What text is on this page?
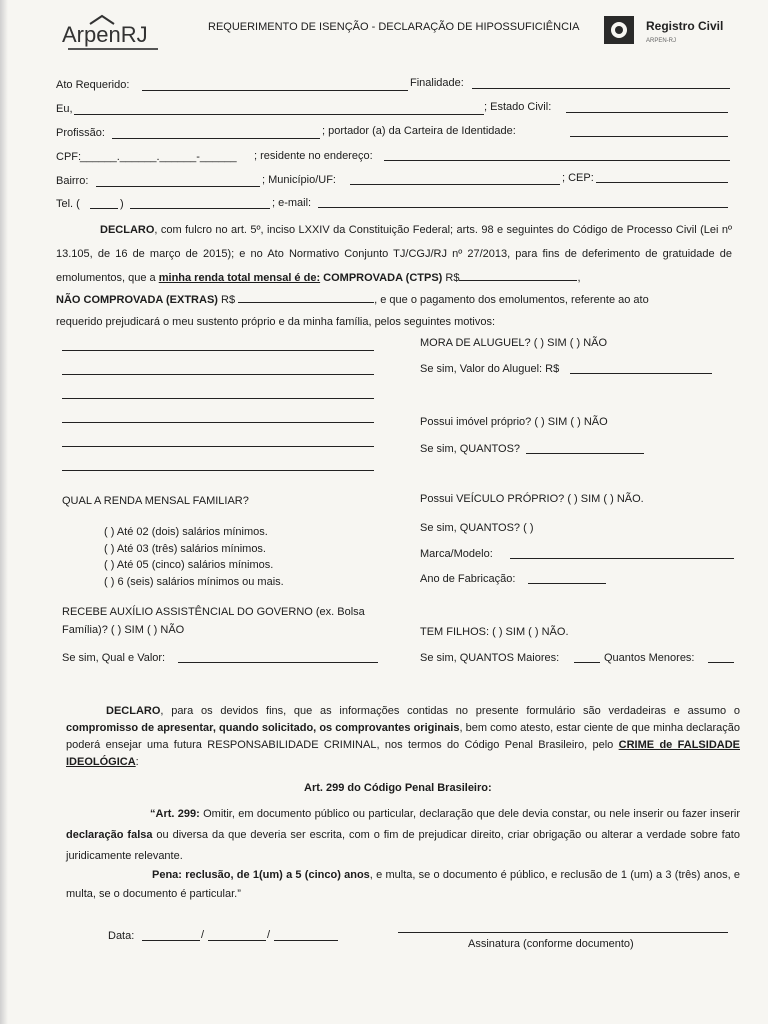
ArpenRJ	REQUERIMENTO DE ISENÇÃO - DECLARAÇÃO DE HIPOSSUFICIÊNCIA	Registro Civil
ARPEN-RJ
Ato Requerido:	Finalidade:
Eu,	; Estado Civil:
Profissão:	; portador (a) da Carteira de Identidade:
CPF:
______.______.______-______ ; residente no endereço:
Bairro:	; Município/UF:	; CEP:
Tel. (	)	; e-mail:
DECLARO, com fulcro no art. 5º, inciso LXXIV da Constituição Federal; arts. 98 e seguintes do Código de Processo Civil (Lei nº 13.105, de 16 de março de 2015); e no Ato Normativo Conjunto TJ/CGJ/RJ nº 27/2013, para fins de deferimento de gratuidade de emolumentos, que a minha renda total mensal é de: COMPROVADA (CTPS) R$	,
NÃO COMPROVADA (EXTRAS) R$	, e que o pagamento dos emolumentos, referente ao ato
requerido prejudicará o meu sustento próprio e da minha família, pelos seguintes motivos:
MORA DE ALUGUEL? ( ) SIM ( ) NÃO
Se sim, Valor do Aluguel: R$
Possui imóvel próprio? ( ) SIM ( ) NÃO
Se sim, QUANTOS?
QUAL A RENDA MENSAL FAMILIAR?
( ) Até 02 (dois) salários mínimos.
( ) Até 03 (três) salários mínimos.
( ) Até 05 (cinco) salários mínimos.
( ) 6 (seis) salários mínimos ou mais.
Possui VEÍCULO PRÓPRIO? ( ) SIM ( ) NÃO.
Se sim, QUANTOS? ( )
Marca/Modelo:
Ano de Fabricação:
RECEBE AUXÍLIO ASSISTÊNCIAL DO GOVERNO (ex. Bolsa
Família)? ( ) SIM ( ) NÃO
Se sim, Qual e Valor:
TEM FILHOS: ( ) SIM ( ) NÃO.
Se sim, QUANTOS Maiores:	Quantos Menores:
DECLARO, para os devidos fins, que as informações contidas no presente formulário são verdadeiras e assumo o compromisso de apresentar, quando solicitado, os comprovantes originais, bem como atesto, estar ciente de que minha declaração poderá ensejar uma futura RESPONSABILIDADE CRIMINAL, nos termos do Código Penal Brasileiro, pelo CRIME de FALSIDADE IDEOLÓGICA:
Art. 299 do Código Penal Brasileiro:
“Art. 299: Omitir, em documento público ou particular, declaração que dele devia constar, ou nele inserir ou fazer inserir declaração falsa ou diversa da que deveria ser escrita, com o fim de prejudicar direito, criar obrigação ou alterar a verdade sobre fato juridicamente relevante.
Pena: reclusão, de 1(um) a 5 (cinco) anos, e multa, se o documento é público, e reclusão de 1 (um) a 3 (três) anos, e multa, se o documento é particular.”
Data:	/	/
Assinatura (conforme documento)
